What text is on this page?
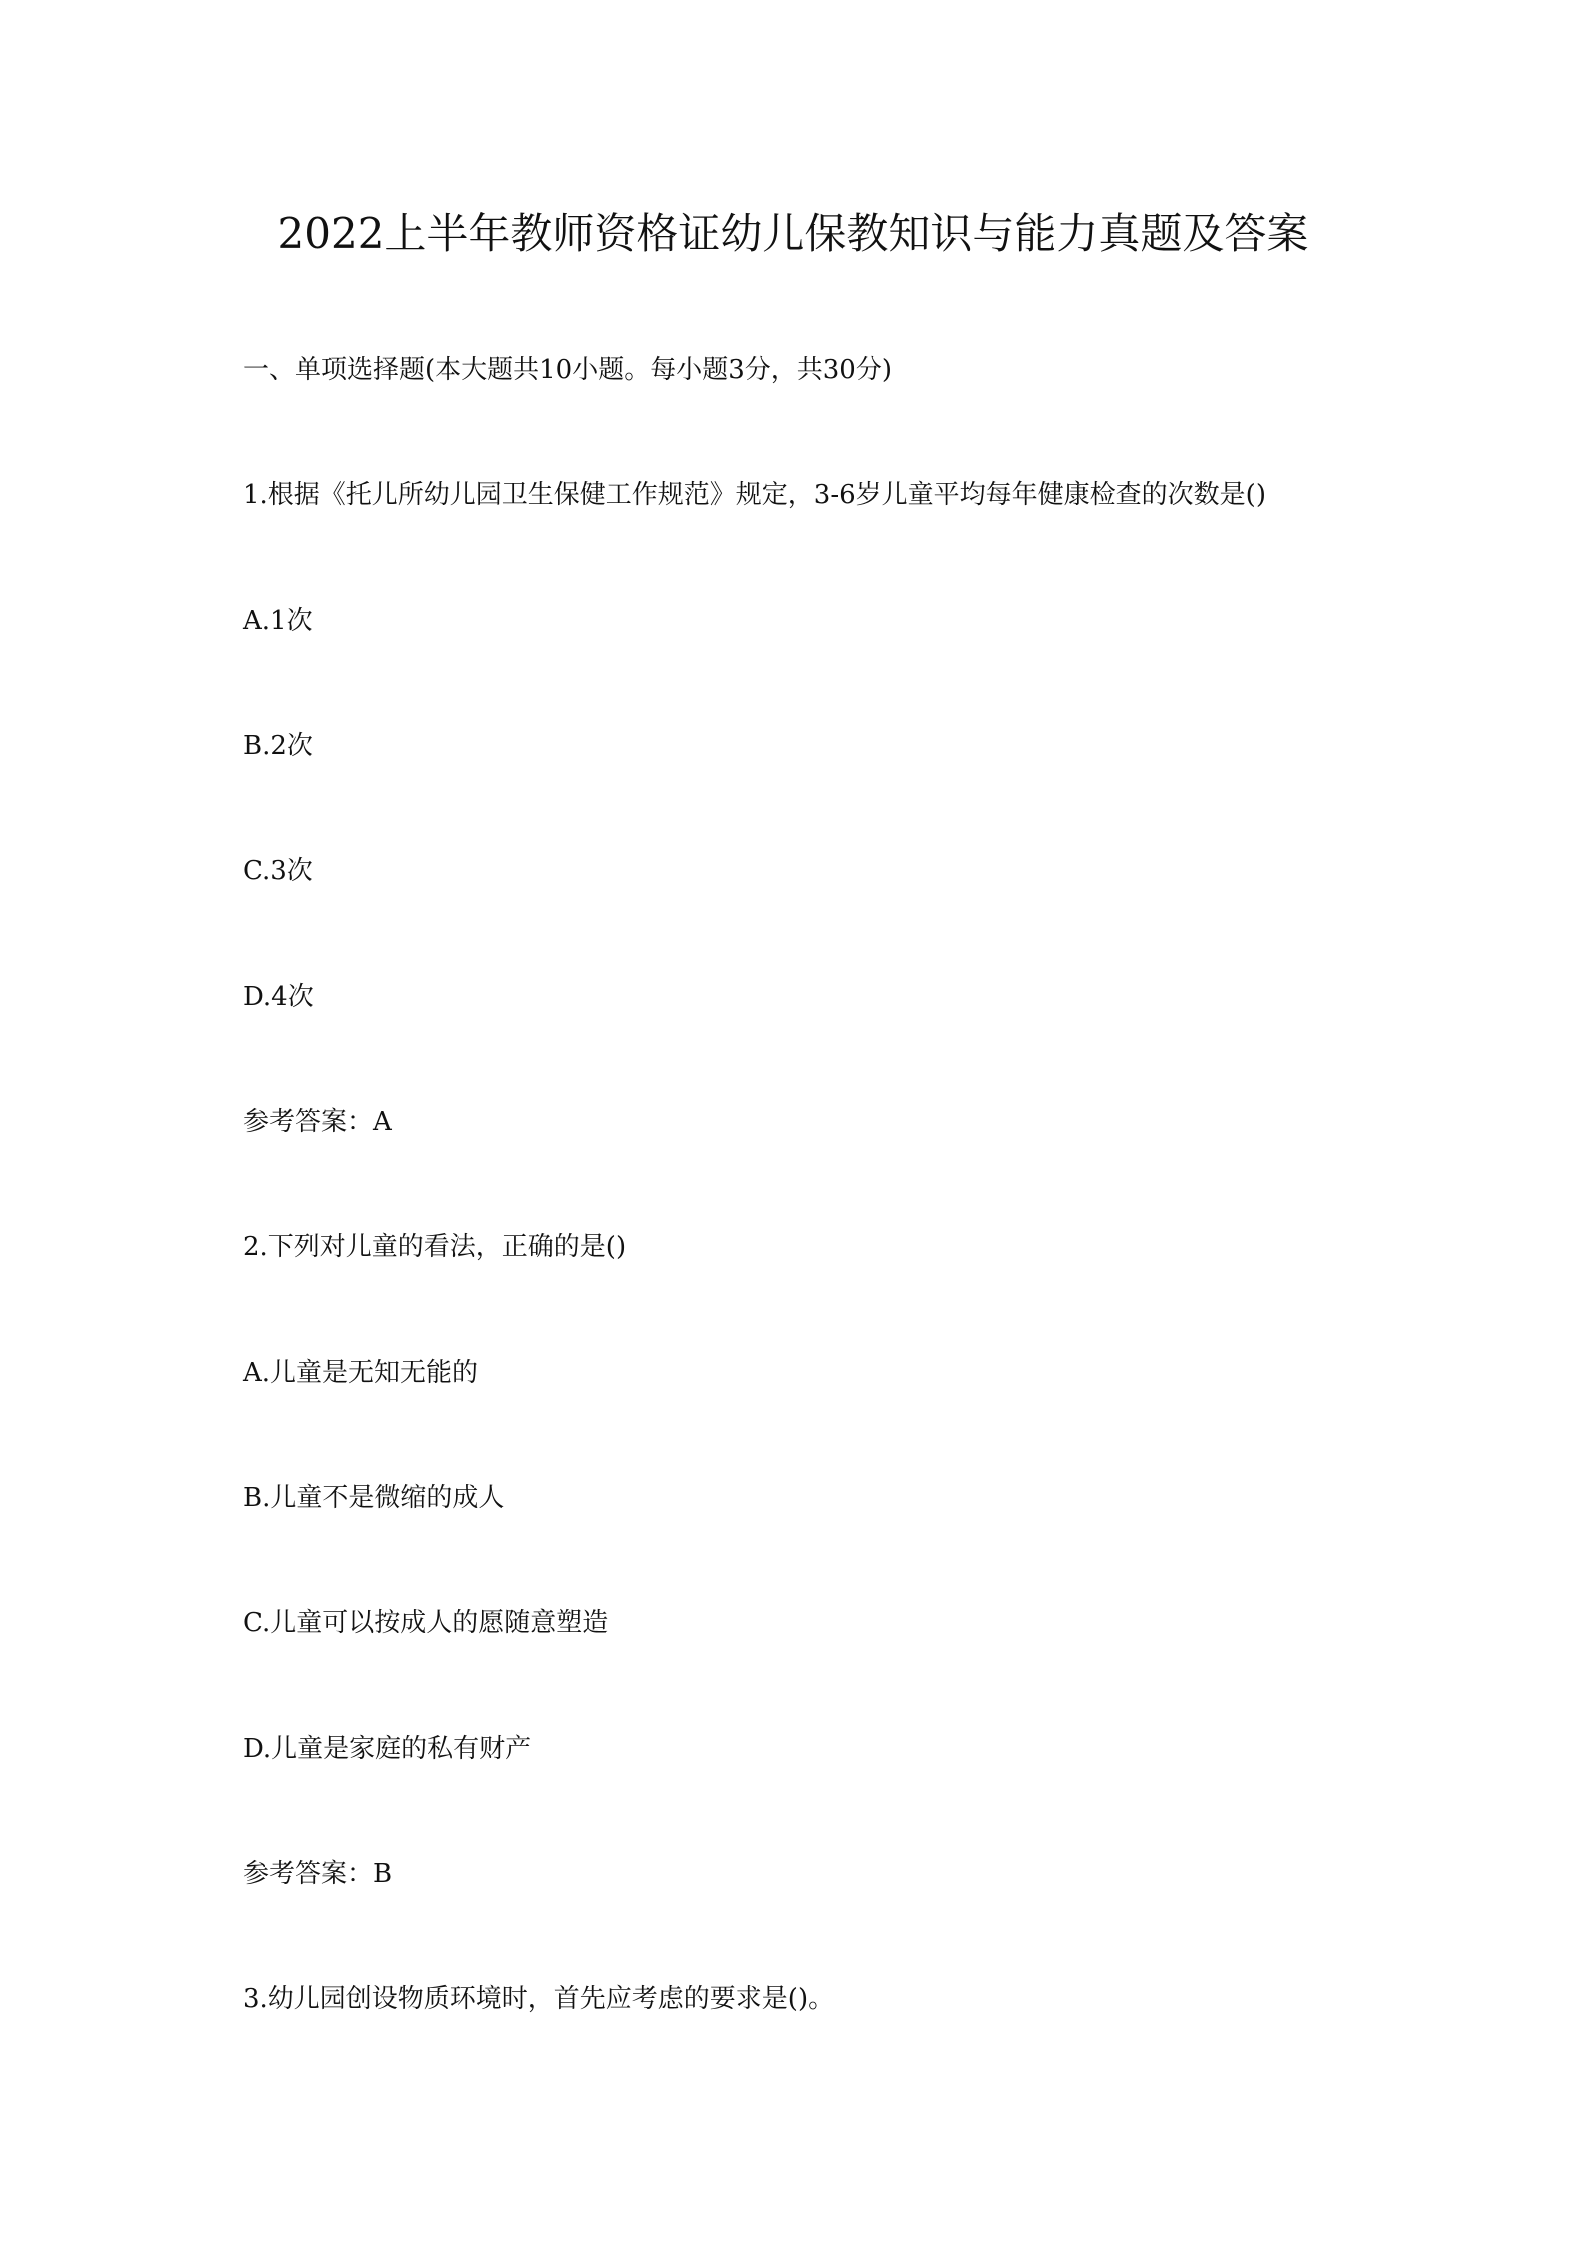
2022上半年教师资格证幼儿保教知识与能力真题及答案

一、单项选择题(本大题共10小题。每小题3分，共30分)

1.根据《托儿所幼儿园卫生保健工作规范》规定，3-6岁儿童平均每年健康检查的次数是()

A.1次

B.2次

C.3次

D.4次

参考答案：A

2.下列对儿童的看法，正确的是()

A.儿童是无知无能的

B.儿童不是微缩的成人

C.儿童可以按成人的愿随意塑造

D.儿童是家庭的私有财产

参考答案：B

3.幼儿园创设物质环境时，首先应考虑的要求是()。
